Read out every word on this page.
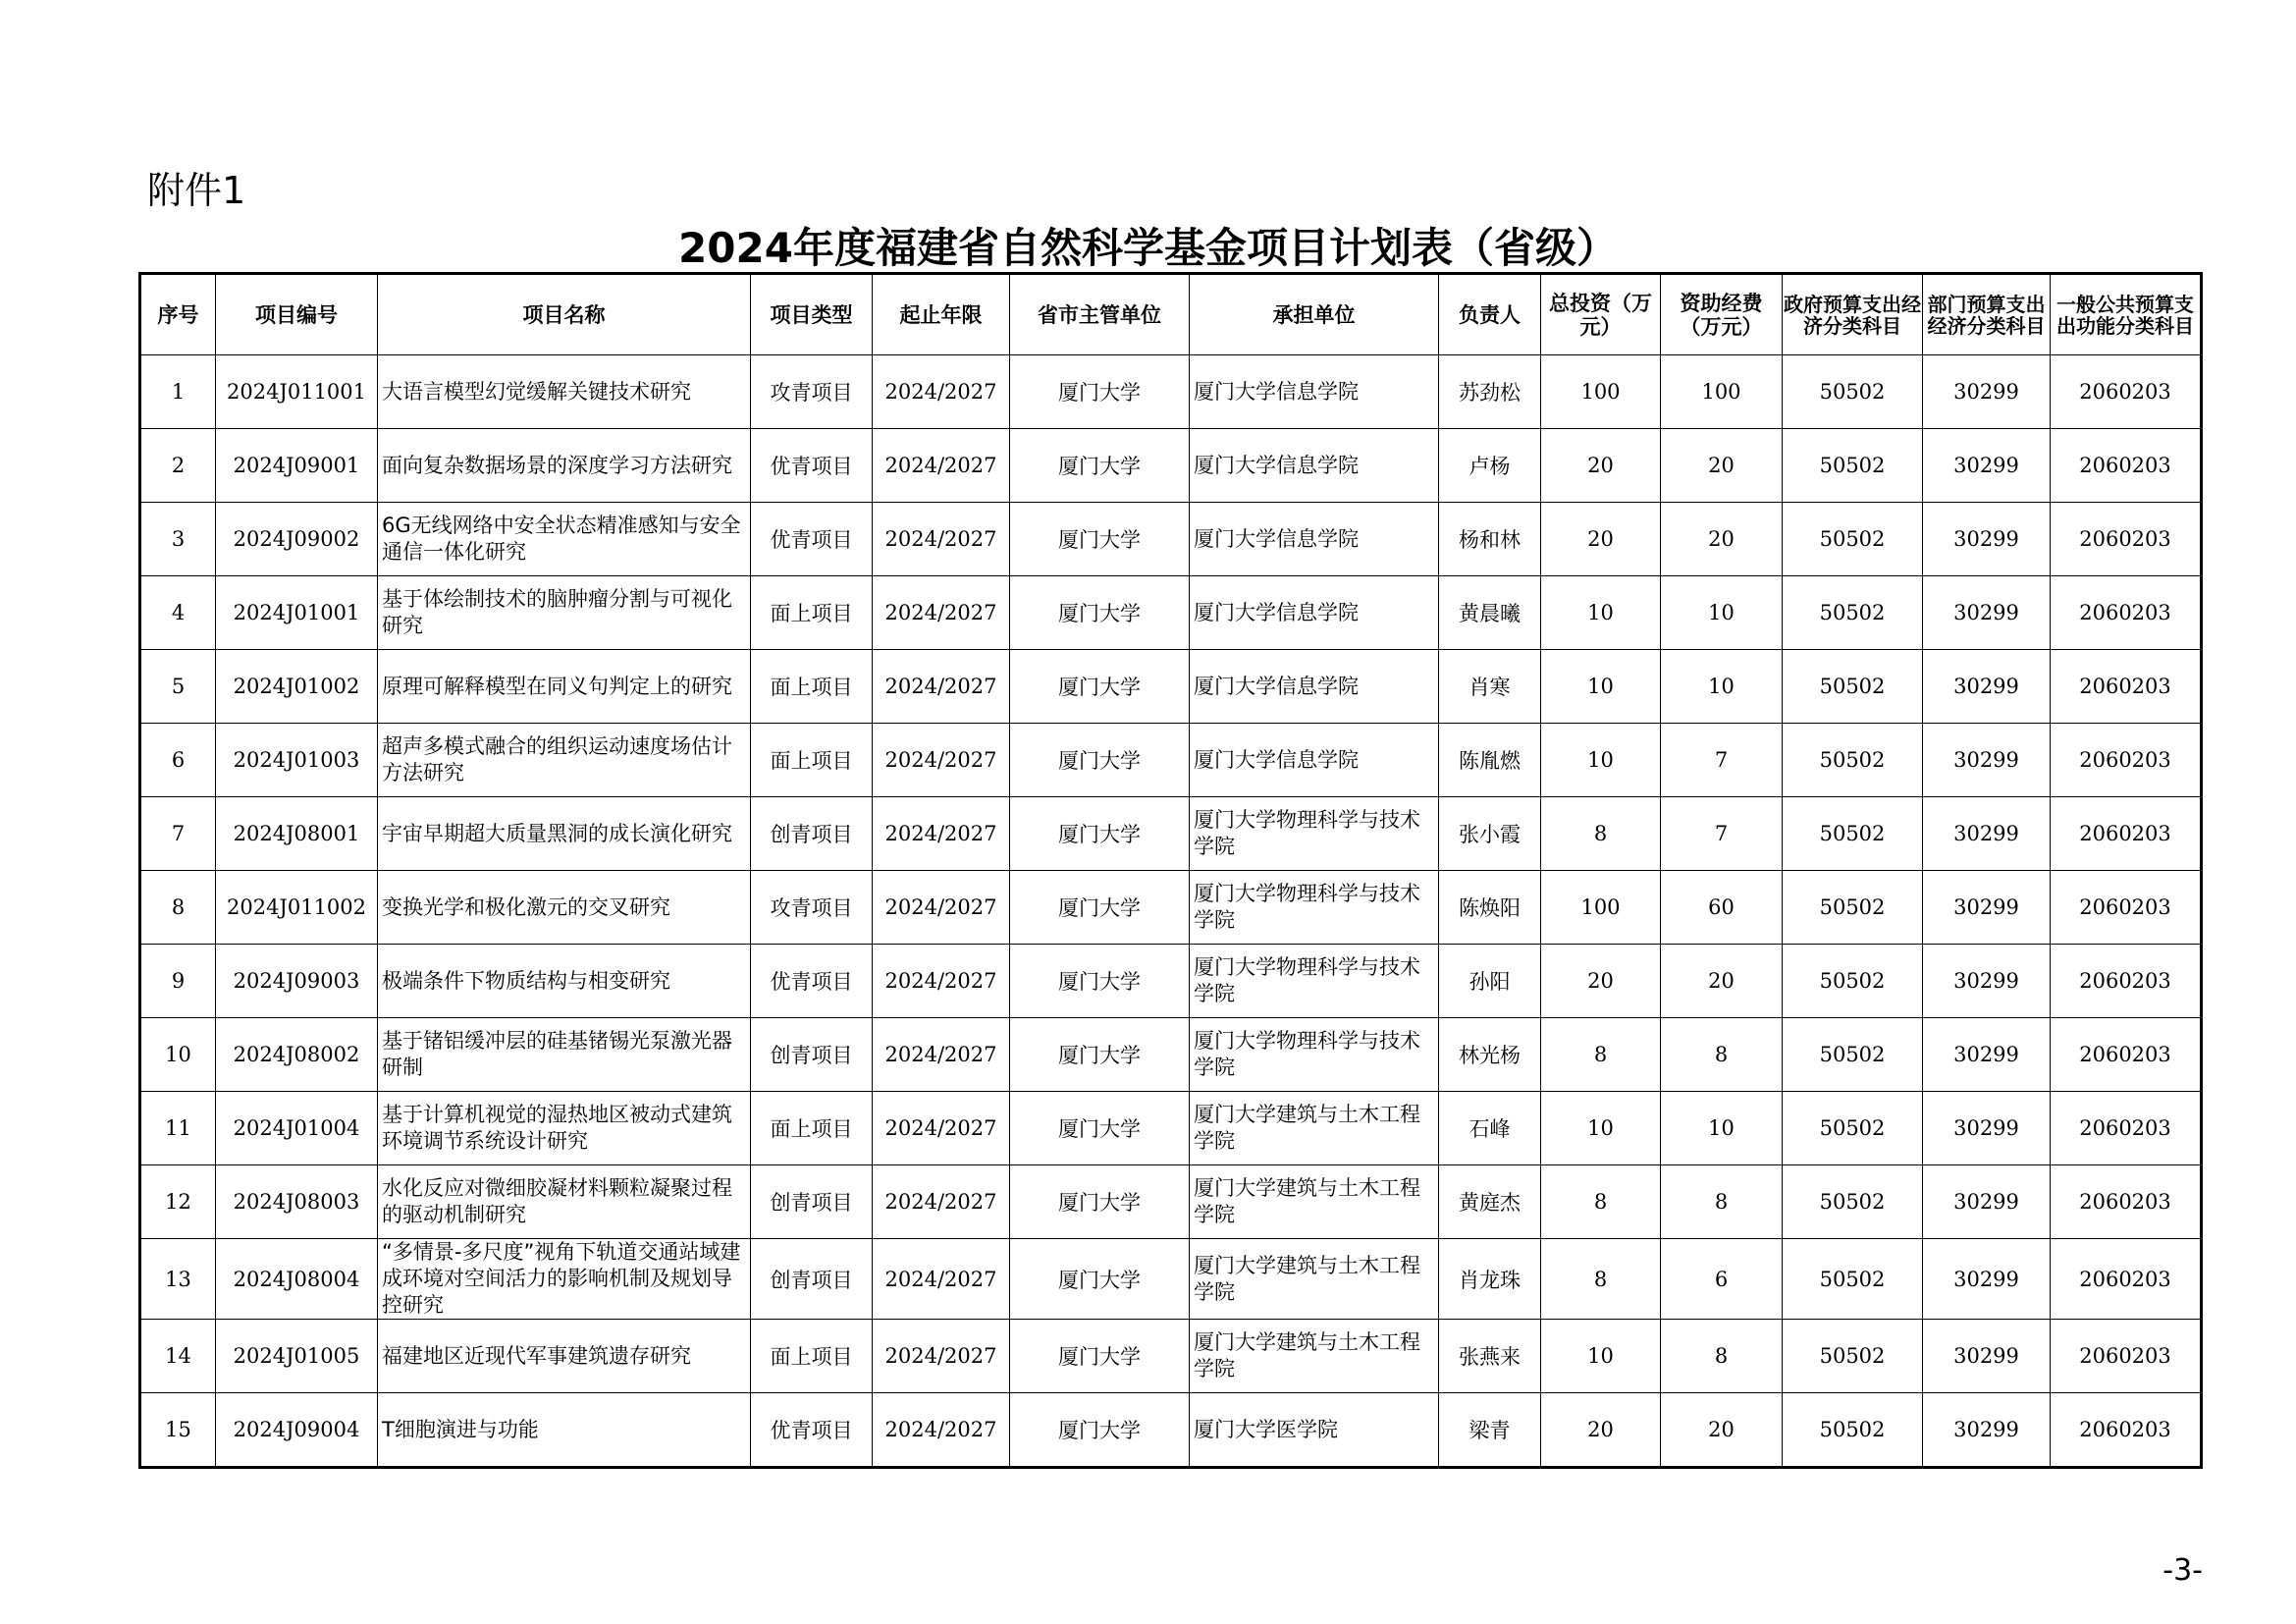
附件1
2024年度福建省自然科学基金项目计划表（省级）
序号	项目编号	项目名称	项目类型	起止年限	省市主管单位	承担单位	负责人	总投资（万元）	资助经费（万元）	政府预算支出经济分类科目	部门预算支出经济分类科目	一般公共预算支出功能分类科目
1	2024J011001	大语言模型幻觉缓解关键技术研究	攻青项目	2024/2027	厦门大学	厦门大学信息学院	苏劲松	100	100	50502	30299	2060203
2	2024J09001	面向复杂数据场景的深度学习方法研究	优青项目	2024/2027	厦门大学	厦门大学信息学院	卢杨	20	20	50502	30299	2060203
3	2024J09002	6G无线网络中安全状态精准感知与安全通信一体化研究	优青项目	2024/2027	厦门大学	厦门大学信息学院	杨和林	20	20	50502	30299	2060203
4	2024J01001	基于体绘制技术的脑肿瘤分割与可视化研究	面上项目	2024/2027	厦门大学	厦门大学信息学院	黄晨曦	10	10	50502	30299	2060203
5	2024J01002	原理可解释模型在同义句判定上的研究	面上项目	2024/2027	厦门大学	厦门大学信息学院	肖寒	10	10	50502	30299	2060203
6	2024J01003	超声多模式融合的组织运动速度场估计方法研究	面上项目	2024/2027	厦门大学	厦门大学信息学院	陈胤燃	10	7	50502	30299	2060203
7	2024J08001	宇宙早期超大质量黑洞的成长演化研究	创青项目	2024/2027	厦门大学	厦门大学物理科学与技术学院	张小霞	8	7	50502	30299	2060203
8	2024J011002	变换光学和极化激元的交叉研究	攻青项目	2024/2027	厦门大学	厦门大学物理科学与技术学院	陈焕阳	100	60	50502	30299	2060203
9	2024J09003	极端条件下物质结构与相变研究	优青项目	2024/2027	厦门大学	厦门大学物理科学与技术学院	孙阳	20	20	50502	30299	2060203
10	2024J08002	基于锗铝缓冲层的硅基锗锡光泵激光器研制	创青项目	2024/2027	厦门大学	厦门大学物理科学与技术学院	林光杨	8	8	50502	30299	2060203
11	2024J01004	基于计算机视觉的湿热地区被动式建筑环境调节系统设计研究	面上项目	2024/2027	厦门大学	厦门大学建筑与土木工程学院	石峰	10	10	50502	30299	2060203
12	2024J08003	水化反应对微细胶凝材料颗粒凝聚过程的驱动机制研究	创青项目	2024/2027	厦门大学	厦门大学建筑与土木工程学院	黄庭杰	8	8	50502	30299	2060203
13	2024J08004	“多情景-多尺度”视角下轨道交通站域建成环境对空间活力的影响机制及规划导控研究	创青项目	2024/2027	厦门大学	厦门大学建筑与土木工程学院	肖龙珠	8	6	50502	30299	2060203
14	2024J01005	福建地区近现代军事建筑遗存研究	面上项目	2024/2027	厦门大学	厦门大学建筑与土木工程学院	张燕来	10	8	50502	30299	2060203
15	2024J09004	T细胞演进与功能	优青项目	2024/2027	厦门大学	厦门大学医学院	梁青	20	20	50502	30299	2060203
-3-
